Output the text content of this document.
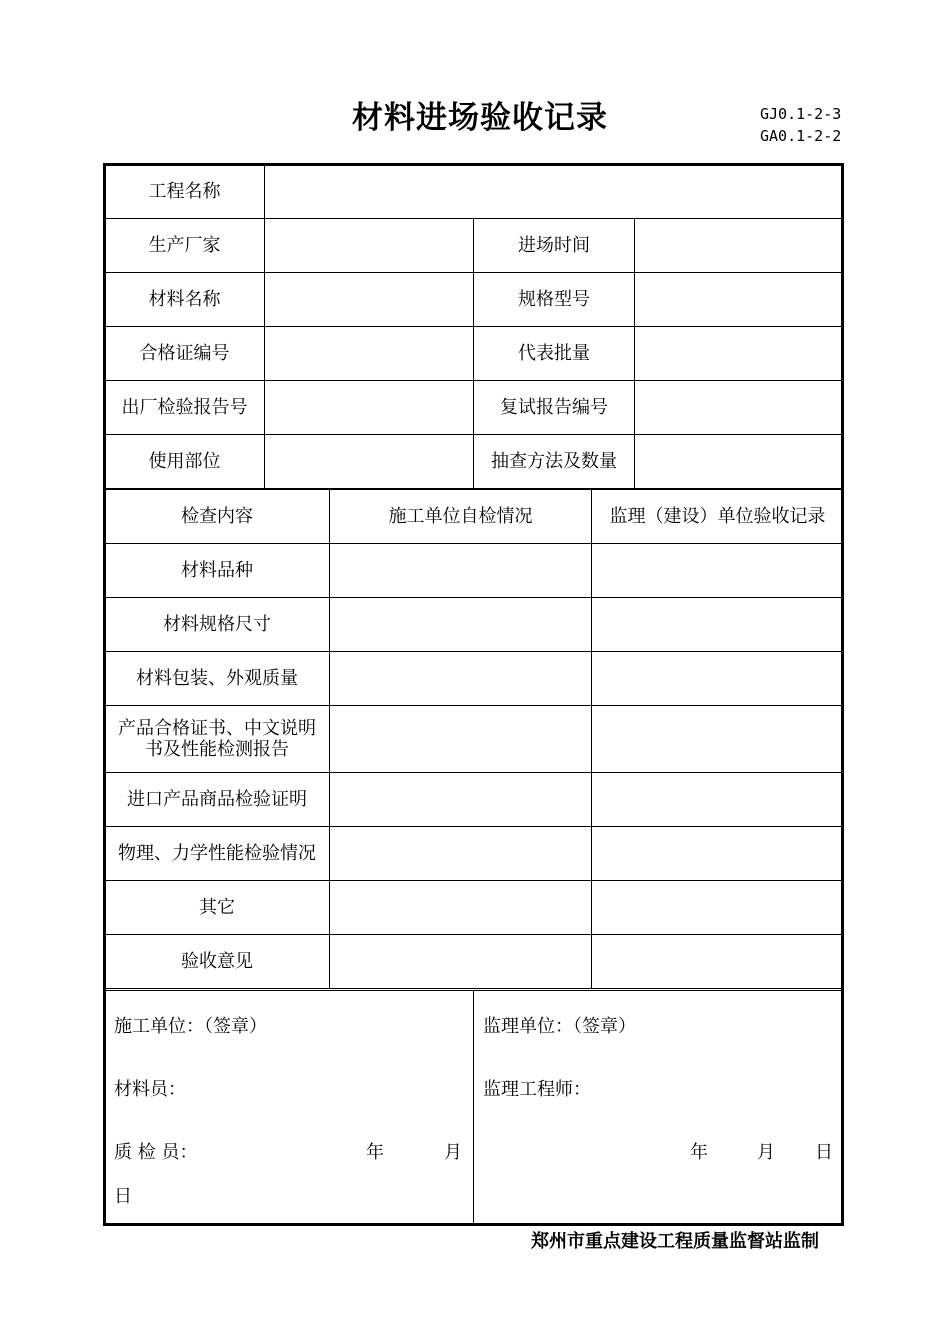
材料进场验收记录	GJ0.1-2-3
GA0.1-2-2
工程名称			
生产厂家		进场时间	
材料名称		规格型号	
合格证编号		代表批量	
出厂检验报告号		复试报告编号	
使用部位		抽查方法及数量	
检查内容	施工单位自检情况	监理（建设）单位验收记录
材料品种		
材料规格尺寸		
材料包装、外观质量		
产品合格证书、中文说明书及性能检测报告		
进口产品商品检验证明		
物理、力学性能检验情况		
其它		
验收意见		
施工单位：（签章）
材料员：
质 检 员：	年	月
日
监理单位：（签章）
监理工程师：
年	月 日
郑州市重点建设工程质量监督站监制
